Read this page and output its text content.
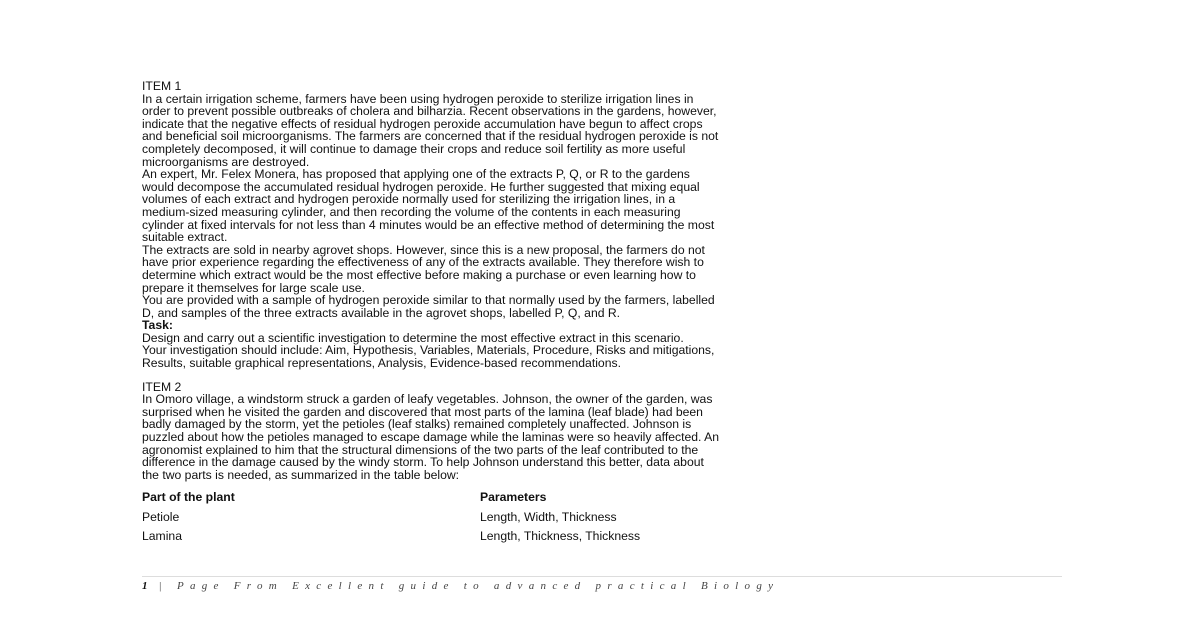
ITEM 1
In a certain irrigation scheme, farmers have been using hydrogen peroxide to sterilize irrigation lines in
order to prevent possible outbreaks of cholera and bilharzia. Recent observations in the gardens, however,
indicate that the negative effects of residual hydrogen peroxide accumulation have begun to affect crops
and beneficial soil microorganisms. The farmers are concerned that if the residual hydrogen peroxide is not
completely decomposed, it will continue to damage their crops and reduce soil fertility as more useful
microorganisms are destroyed.
An expert, Mr. Felex Monera, has proposed that applying one of the extracts P, Q, or R to the gardens
would decompose the accumulated residual hydrogen peroxide. He further suggested that mixing equal
volumes of each extract and hydrogen peroxide normally used for sterilizing the irrigation lines, in a
medium-sized measuring cylinder, and then recording the volume of the contents in each measuring
cylinder at fixed intervals for not less than 4 minutes would be an effective method of determining the most
suitable extract.
The extracts are sold in nearby agrovet shops. However, since this is a new proposal, the farmers do not
have prior experience regarding the effectiveness of any of the extracts available. They therefore wish to
determine which extract would be the most effective before making a purchase or even learning how to
prepare it themselves for large scale use.
You are provided with a sample of hydrogen peroxide similar to that normally used by the farmers, labelled
D, and samples of the three extracts available in the agrovet shops, labelled P, Q, and R.
Task:
Design and carry out a scientific investigation to determine the most effective extract in this scenario.
Your investigation should include: Aim, Hypothesis, Variables, Materials, Procedure, Risks and mitigations,
Results, suitable graphical representations, Analysis, Evidence-based recommendations.
ITEM 2
In Omoro village, a windstorm struck a garden of leafy vegetables. Johnson, the owner of the garden, was
surprised when he visited the garden and discovered that most parts of the lamina (leaf blade) had been
badly damaged by the storm, yet the petioles (leaf stalks) remained completely unaffected. Johnson is
puzzled about how the petioles managed to escape damage while the laminas were so heavily affected. An
agronomist explained to him that the structural dimensions of the two parts of the leaf contributed to the
difference in the damage caused by the windy storm. To help Johnson understand this better, data about
the two parts is needed, as summarized in the table below:
Part of the plant	Parameters
Petiole	Length, Width, Thickness
Lamina	Length, Thickness, Thickness
1 | Page From Excellent guide to advanced practical Biology
